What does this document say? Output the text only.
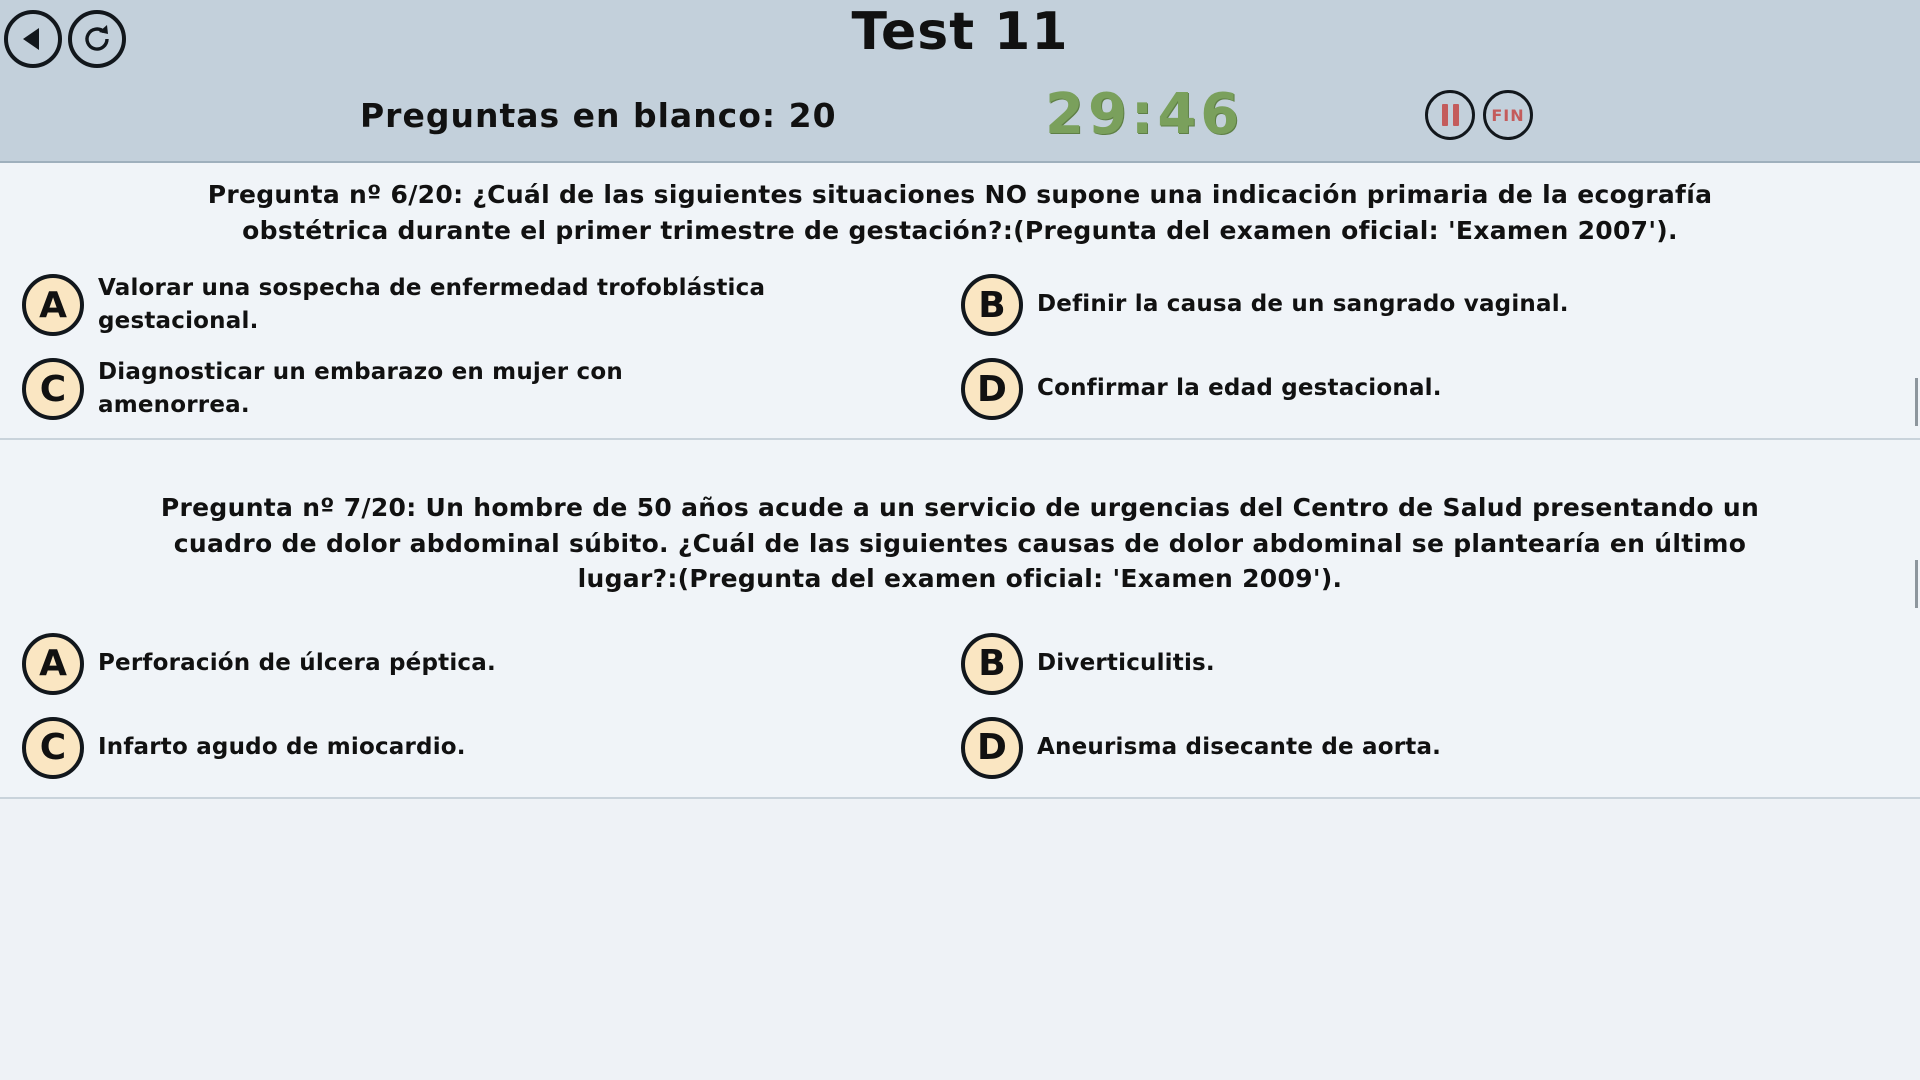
Test 11
Preguntas en blanco: 20	29:46	FIN
Pregunta nº 6/20: ¿Cuál de las siguientes situaciones NO supone una indicación primaria de la ecografía obstétrica durante el primer trimestre de gestación?:(Pregunta del examen oficial: 'Examen 2007').
A	Valorar una sospecha de enfermedad trofoblástica gestacional.	B	Definir la causa de un sangrado vaginal.
C	Diagnosticar un embarazo en mujer con amenorrea.	D	Confirmar la edad gestacional.
Pregunta nº 7/20: Un hombre de 50 años acude a un servicio de urgencias del Centro de Salud presentando un cuadro de dolor abdominal súbito. ¿Cuál de las siguientes causas de dolor abdominal se plantearía en último lugar?:(Pregunta del examen oficial: 'Examen 2009').
A	Perforación de úlcera péptica.	B	Diverticulitis.
C	Infarto agudo de miocardio.	D	Aneurisma disecante de aorta.
